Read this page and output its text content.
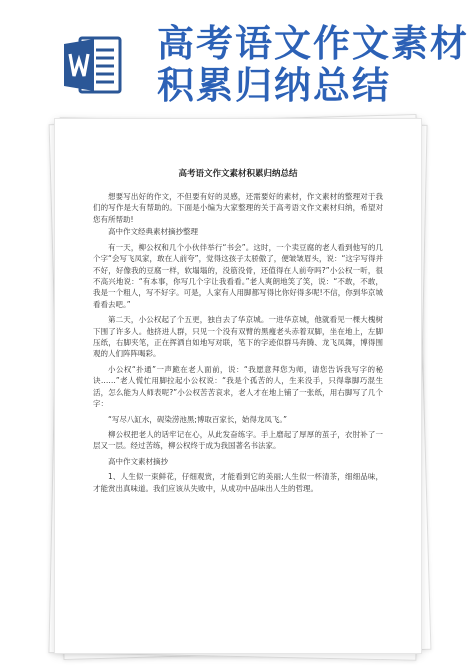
高考语文作文素材
积累归纳总结
高考语文作文素材积累归纳总结

想要写出好的作文，不但要有好的灵感，还需要好的素材，作文素材的整理对于我们的写作是大有帮助的。下面是小编为大家整理的关于高考语文作文素材归纳，希望对您有所帮助!

高中作文经典素材摘抄整理

有一天，柳公权和几个小伙伴举行“书会”。这时，一个卖豆腐的老人看到他写的几个字“会写飞凤家，敢在人前夸”，觉得这孩子太骄傲了，便皱皱眉头，说：“这字写得并不好，好像我的豆腐一样，软塌塌的，没筋没骨，还值得在人前夸吗?”小公权一听，很不高兴地说：“有本事，你写几个字让我看看。”老人爽朗地笑了笑，说：“不敢，不敢，我是一个粗人，写不好字。可是，人家有人用脚都写得比你好得多呢!不信，你到华京城看看去吧。”

第二天，小公权起了个五更，独自去了华京城。一进华京城，他就看见一棵大槐树下围了许多人。他挤进人群，只见一个没有双臂的黑瘦老头赤着双脚，坐在地上，左脚压纸，右脚夹笔，正在挥洒自如地写对联，笔下的字迹似群马奔腾、龙飞凤舞，博得围观的人们阵阵喝彩。

小公权“扑通”一声跪在老人面前，说：“我愿意拜您为师，请您告诉我写字的秘诀……”老人慌忙用脚拉起小公权说：“我是个孤苦的人，生来没手，只得靠脚巧混生活，怎么能为人师表呢?”小公权苦苦哀求，老人才在地上铺了一张纸，用右脚写了几个字：

“写尽八缸水，砚染涝池黑;博取百家长，始得龙凤飞。”

柳公权把老人的话牢记在心，从此发奋练字。手上磨起了厚厚的茧子，衣肘补了一层又一层。经过苦练，柳公权终于成为我国著名书法家。

高中作文素材摘抄

1、人生似一束鲜花，仔细观赏，才能看到它的美丽;人生似一杯清茶，细细品味，才能赏出真味道。我们应该从失败中，从成功中品味出人生的哲理。
